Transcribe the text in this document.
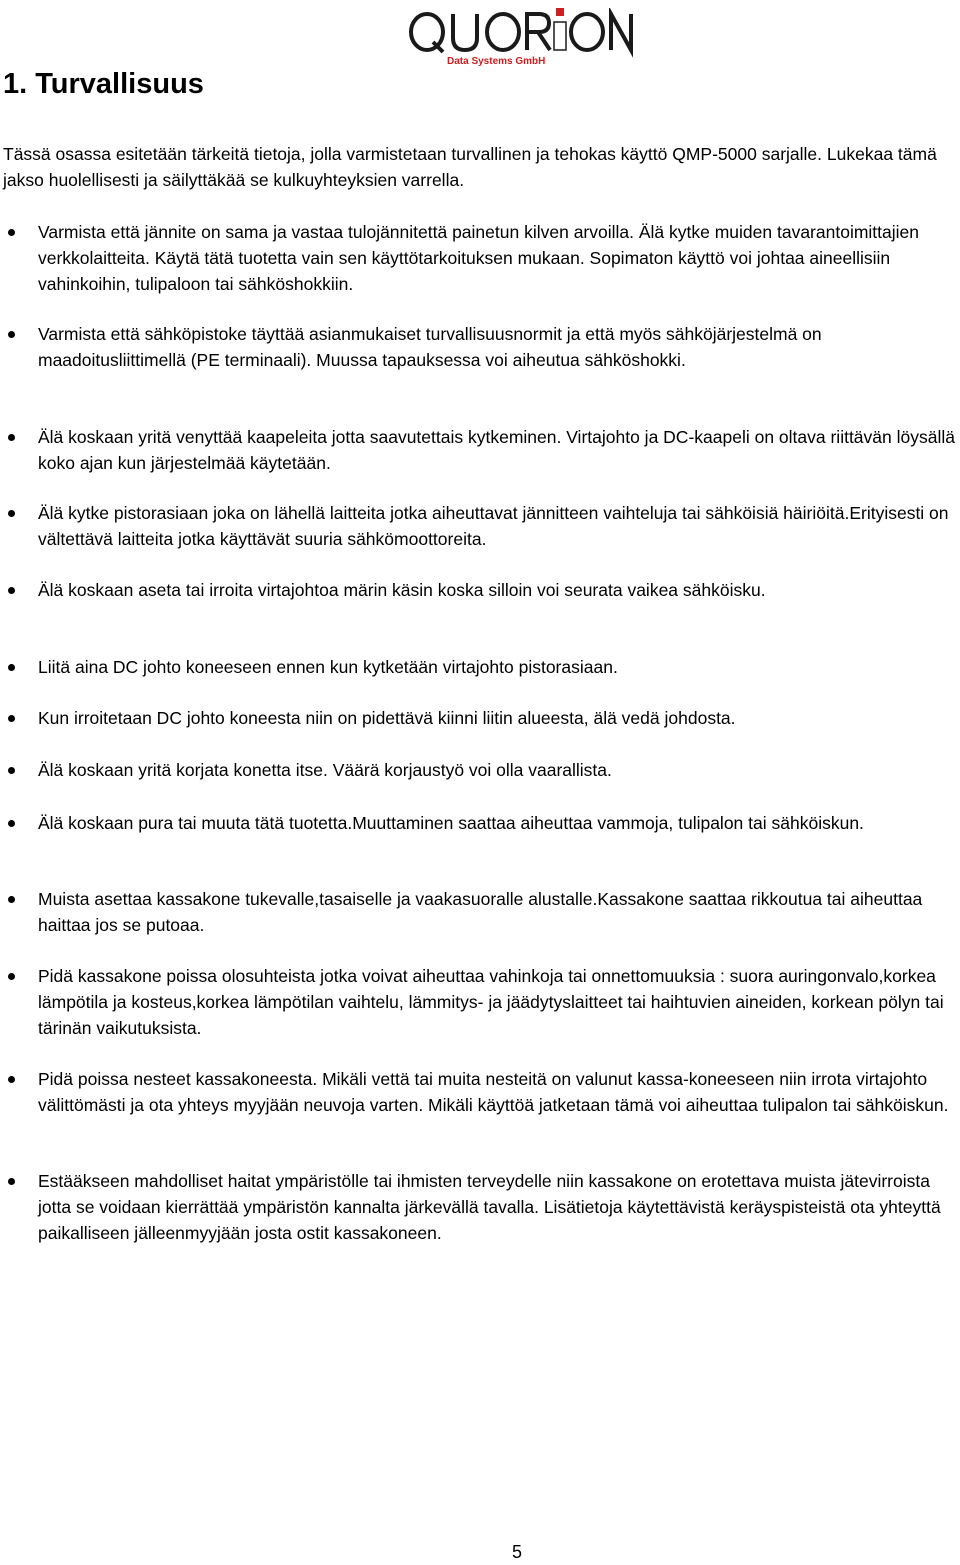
1. Turvallisuus
Data Systems GmbH

Tässä osassa esitetään tärkeitä tietoja, jolla varmistetaan turvallinen ja tehokas käyttö QMP-5000 sarjalle. Lukekaa tämä jakso huolellisesti ja säilyttäkää se kulkuyhteyksien varrella.

Varmista että jännite on sama ja vastaa tulojännitettä painetun kilven arvoilla. Älä kytke muiden tavarantoimittajien verkkolaitteita. Käytä tätä tuotetta vain sen käyttötarkoituksen mukaan. Sopimaton käyttö voi johtaa aineellisiin vahinkoihin, tulipaloon tai sähköshokkiin.
Varmista että sähköpistoke täyttää asianmukaiset turvallisuusnormit ja että myös sähköjärjestelmä on maadoitusliittimellä (PE terminaali). Muussa tapauksessa voi aiheutua sähköshokki.
Älä koskaan yritä venyttää kaapeleita jotta saavutettais kytkeminen. Virtajohto ja DC-kaapeli on oltava riittävän löysällä koko ajan kun järjestelmää käytetään.
Älä kytke pistorasiaan joka on lähellä laitteita jotka aiheuttavat jännitteen vaihteluja tai sähköisiä häiriöitä.Erityisesti on vältettävä laitteita jotka käyttävät suuria sähkömoottoreita.
Älä koskaan aseta tai irroita virtajohtoa märin käsin koska silloin voi seurata vaikea sähköisku.
Liitä aina DC johto koneeseen ennen kun kytketään virtajohto pistorasiaan.
Kun irroitetaan DC johto koneesta niin on pidettävä kiinni liitin alueesta, älä vedä johdosta.
Älä koskaan yritä korjata konetta itse. Väärä korjaustyö voi olla vaarallista.
Älä koskaan pura tai muuta tätä tuotetta.Muuttaminen saattaa aiheuttaa vammoja, tulipalon tai sähköiskun.
Muista asettaa kassakone tukevalle,tasaiselle ja vaakasuoralle alustalle.Kassakone saattaa rikkoutua tai aiheuttaa haittaa jos se putoaa.
Pidä kassakone poissa olosuhteista jotka voivat aiheuttaa vahinkoja tai onnettomuuksia : suora auringonvalo,korkea lämpötila ja kosteus,korkea lämpötilan vaihtelu, lämmitys- ja jäädytyslaitteet tai haihtuvien aineiden, korkean pölyn tai tärinän vaikutuksista.
Pidä poissa nesteet kassakoneesta. Mikäli vettä tai muita nesteitä on valunut kassa-koneeseen niin irrota virtajohto välittömästi ja ota yhteys myyjään neuvoja varten. Mikäli käyttöä jatketaan tämä voi aiheuttaa tulipalon tai sähköiskun.
Estääkseen mahdolliset haitat ympäristölle tai ihmisten terveydelle niin kassakone on erotettava muista jätevirroista jotta se voidaan kierrättää ympäristön kannalta järkevällä tavalla. Lisätietoja käytettävistä keräyspisteistä ota yhteyttä paikalliseen jälleenmyyjään josta ostit kassakoneen.
5
